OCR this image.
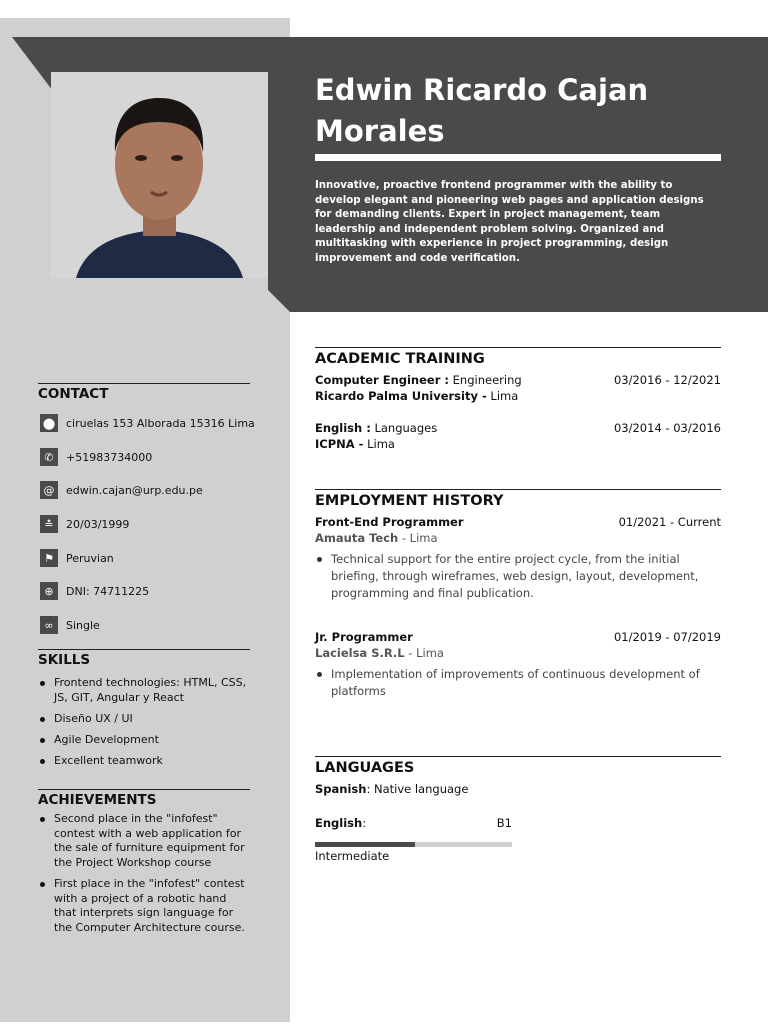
Edwin Ricardo Cajan
Morales
Innovative, proactive frontend programmer with the ability to develop elegant and pioneering web pages and application designs for demanding clients. Expert in project management, team leadership and independent problem solving. Organized and multitasking with experience in project programming, design improvement and code verification.
CONTACT
⬤ ciruelas 153 Alborada 15316 Lima
✆	+51983734000
@	edwin.cajan@urp.edu.pe
≛	20/03/1999
⚑	Peruvian
⊕	DNI: 74711225
∞	Single
SKILLS
Frontend technologies: HTML, CSS, JS, GIT, Angular y React
Diseño UX / UI
Agile Development
Excellent teamwork
ACHIEVEMENTS
Second place in the "infofest" contest with a web application for the sale of furniture equipment for the Project Workshop course
First place in the "infofest" contest with a project of a robotic hand that interprets sign language for the Computer Architecture course.
ACADEMIC TRAINING
Computer Engineer : Engineering	03/2016 - 12/2021
Ricardo Palma University - Lima
English : Languages	03/2014 - 03/2016
ICPNA - Lima
EMPLOYMENT HISTORY
Front-End Programmer	01/2021 - Current
Amauta Tech - Lima
Technical support for the entire project cycle, from the initial briefing, through wireframes, web design, layout, development, programming and final publication.
Jr. Programmer	01/2019 - 07/2019
Lacielsa S.R.L - Lima
Implementation of improvements of continuous development of platforms
LANGUAGES
Spanish: Native language
English:	B1
Intermediate
